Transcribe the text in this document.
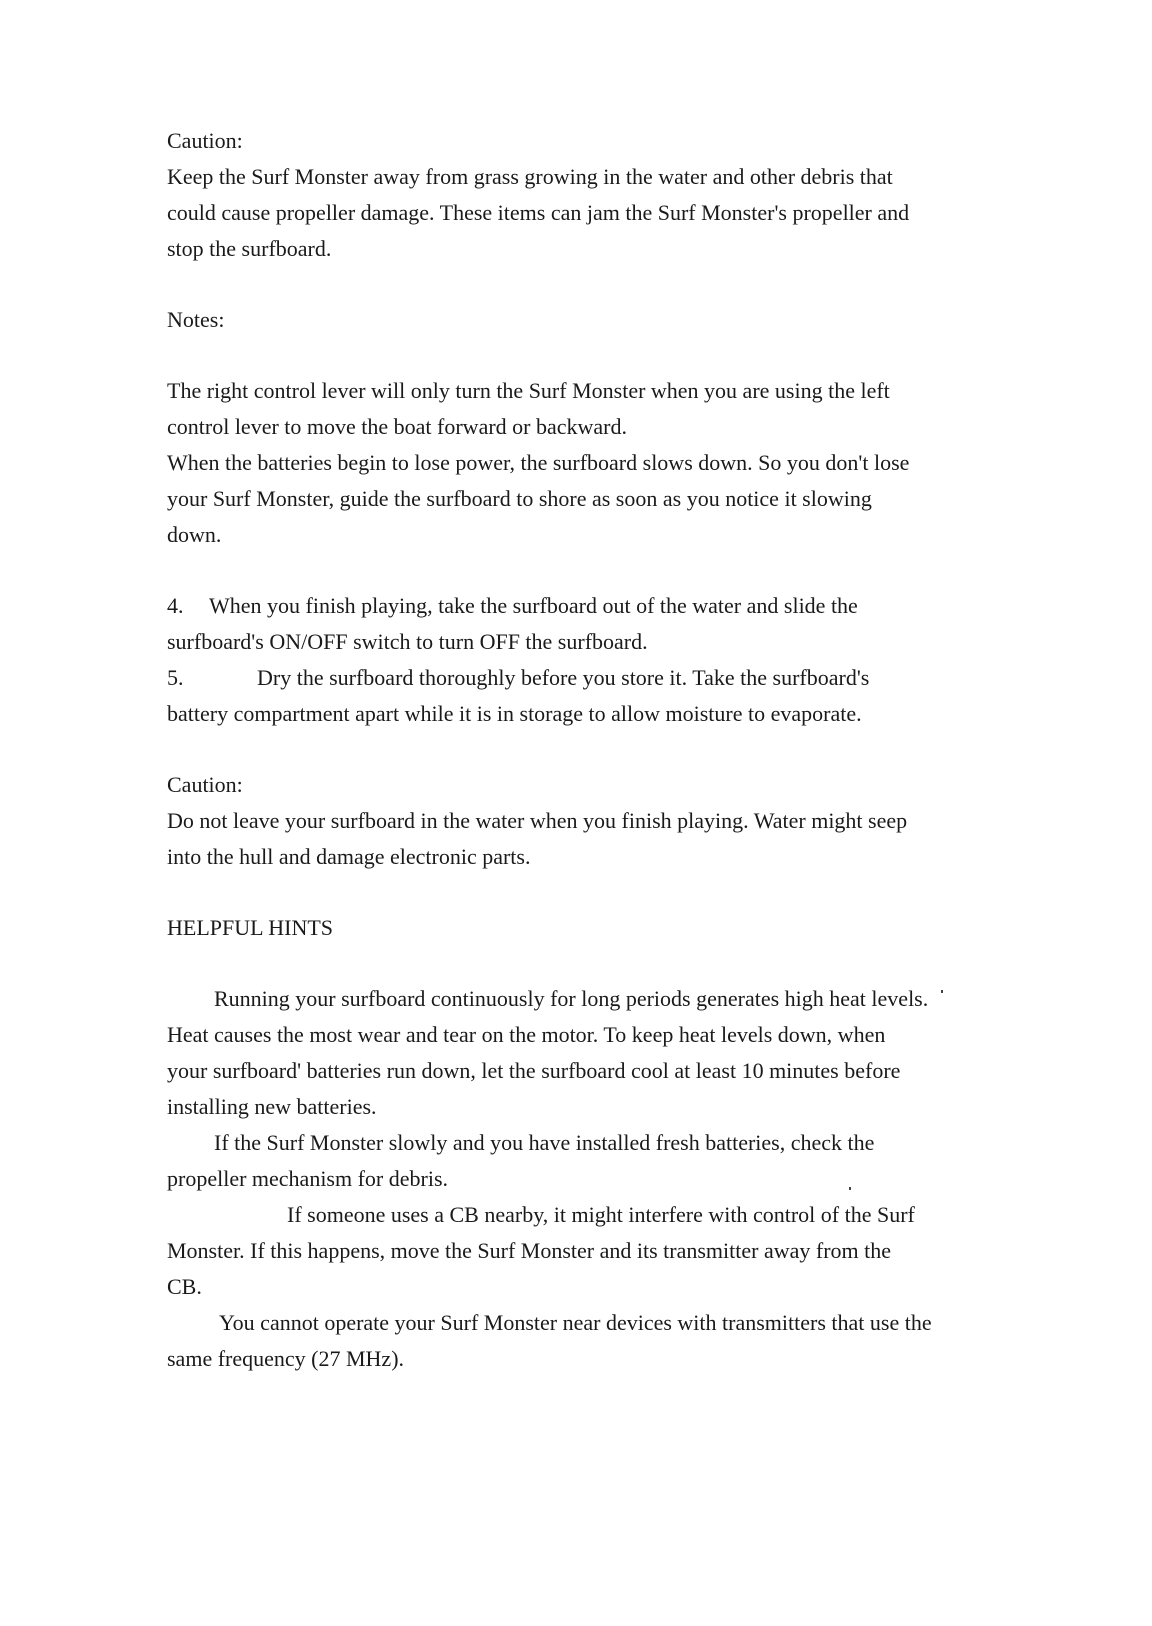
Caution:
Keep the Surf Monster away from grass growing in the water and other debris that
could cause propeller damage. These items can jam the Surf Monster's propeller and
stop the surfboard.
Notes:
The right control lever will only turn the Surf Monster when you are using the left
control lever to move the boat forward or backward.
When the batteries begin to lose power, the surfboard slows down. So you don't lose
your Surf Monster, guide the surfboard to shore as soon as you notice it slowing
down.
4. When you finish playing, take the surfboard out of the water and slide the
surfboard's ON/OFF switch to turn OFF the surfboard.
5.	Dry the surfboard thoroughly before you store it. Take the surfboard's
battery compartment apart while it is in storage to allow moisture to evaporate.
Caution:
Do not leave your surfboard in the water when you finish playing. Water might seep
into the hull and damage electronic parts.
HELPFUL HINTS
Running your surfboard continuously for long periods generates high heat levels.
Heat causes the most wear and tear on the motor. To keep heat levels down, when
your surfboard' batteries run down, let the surfboard cool at least 10 minutes before
installing new batteries.
If the Surf Monster slowly and you have installed fresh batteries, check the
propeller mechanism for debris.
If someone uses a CB nearby, it might interfere with control of the Surf
Monster. If this happens, move the Surf Monster and its transmitter away from the
CB.
You cannot operate your Surf Monster near devices with transmitters that use the
same frequency (27 MHz).
